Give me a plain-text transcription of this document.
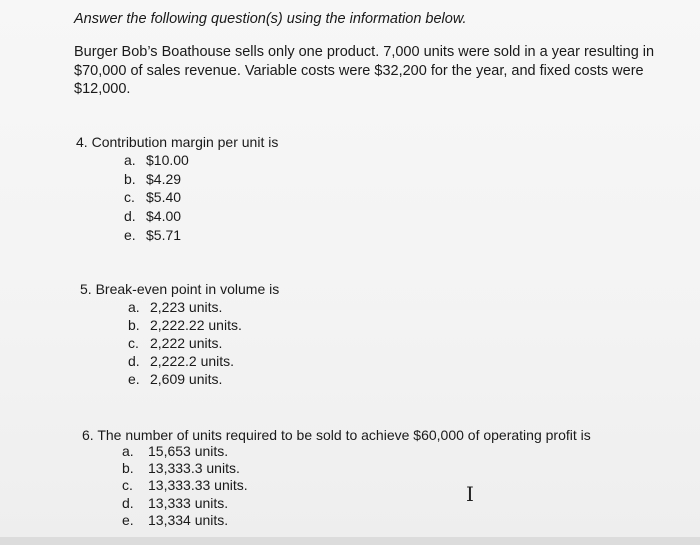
Answer the following question(s) using the information below.
Burger Bob’s Boathouse sells only one product. 7,000 units were sold in a year resulting in
$70,000 of sales revenue. Variable costs were $32,200 for the year, and fixed costs were
$12,000.
4. Contribution margin per unit is
a. $10.00
b. $4.29
c. $5.40
d. $4.00
e. $5.71
5. Break-even point in volume is
a. 2,223 units.
b. 2,222.22 units.
c. 2,222 units.
d. 2,222.2 units.
e. 2,609 units.
6. The number of units required to be sold to achieve $60,000 of operating profit is
a. 15,653 units.
b. 13,333.3 units.
c. 13,333.33 units.
d. 13,333 units.
e. 13,334 units.
I
